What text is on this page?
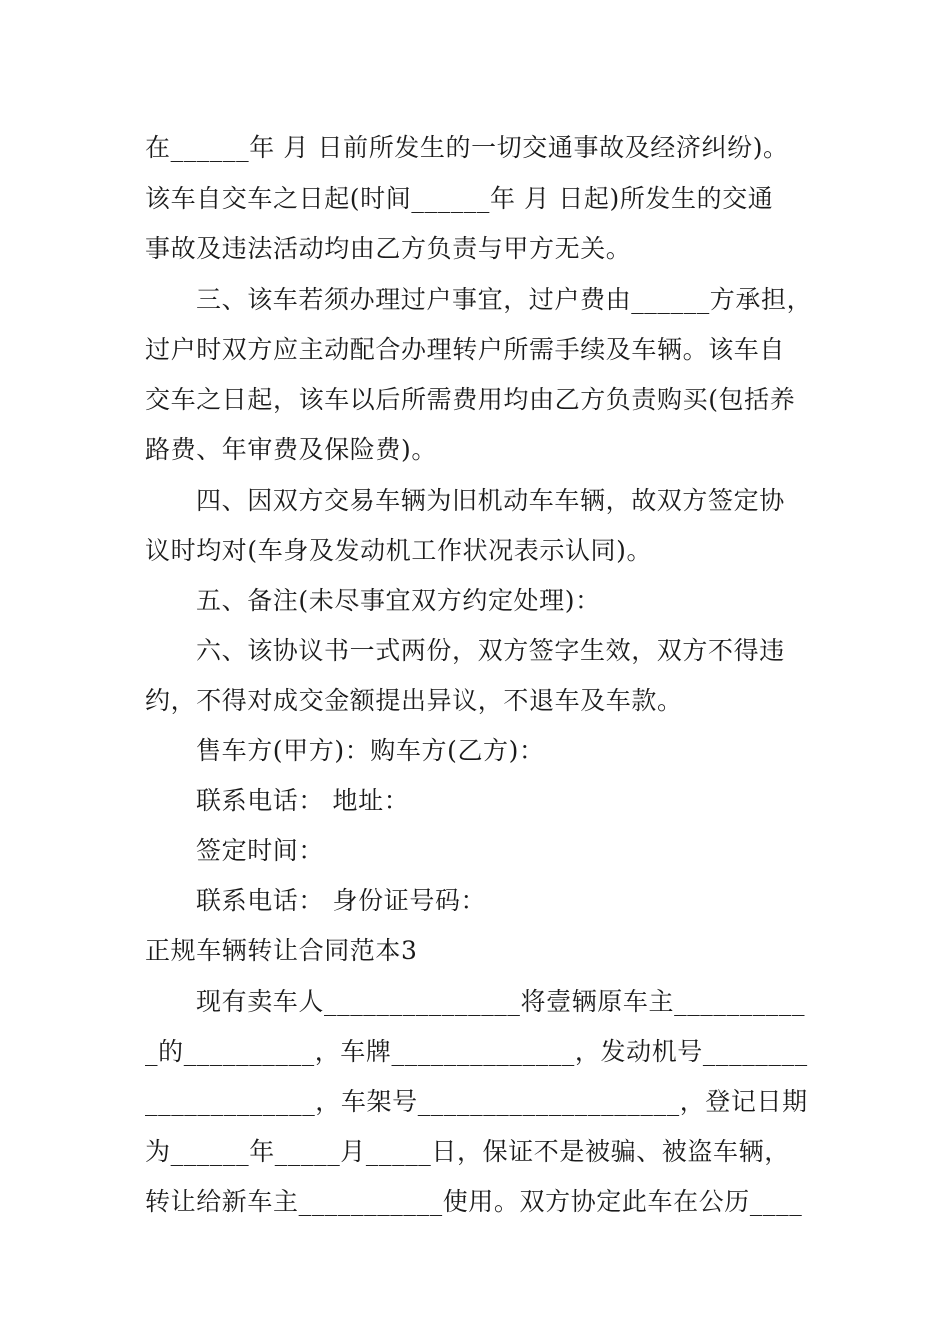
在______年 月 日前所发生的一切交通事故及经济纠纷)。
该车自交车之日起(时间______年 月 日起)所发生的交通
事故及违法活动均由乙方负责与甲方无关。
三、该车若须办理过户事宜，过户费由______方承担，
过户时双方应主动配合办理转户所需手续及车辆。该车自
交车之日起，该车以后所需费用均由乙方负责购买(包括养
路费、年审费及保险费)。
四、因双方交易车辆为旧机动车车辆，故双方签定协
议时均对(车身及发动机工作状况表示认同)。
五、备注(未尽事宜双方约定处理)：
六、该协议书一式两份，双方签字生效，双方不得违
约，不得对成交金额提出异议，不退车及车款。
售车方(甲方)：购车方(乙方)：
联系电话： 地址：
签定时间：
联系电话： 身份证号码：
正规车辆转让合同范本3
现有卖车人_______________将壹辆原车主__________
_的__________，车牌______________，发动机号________
_____________，车架号____________________，登记日期
为______年_____月_____日，保证不是被骗、被盗车辆，
转让给新车主___________使用。双方协定此车在公历____
